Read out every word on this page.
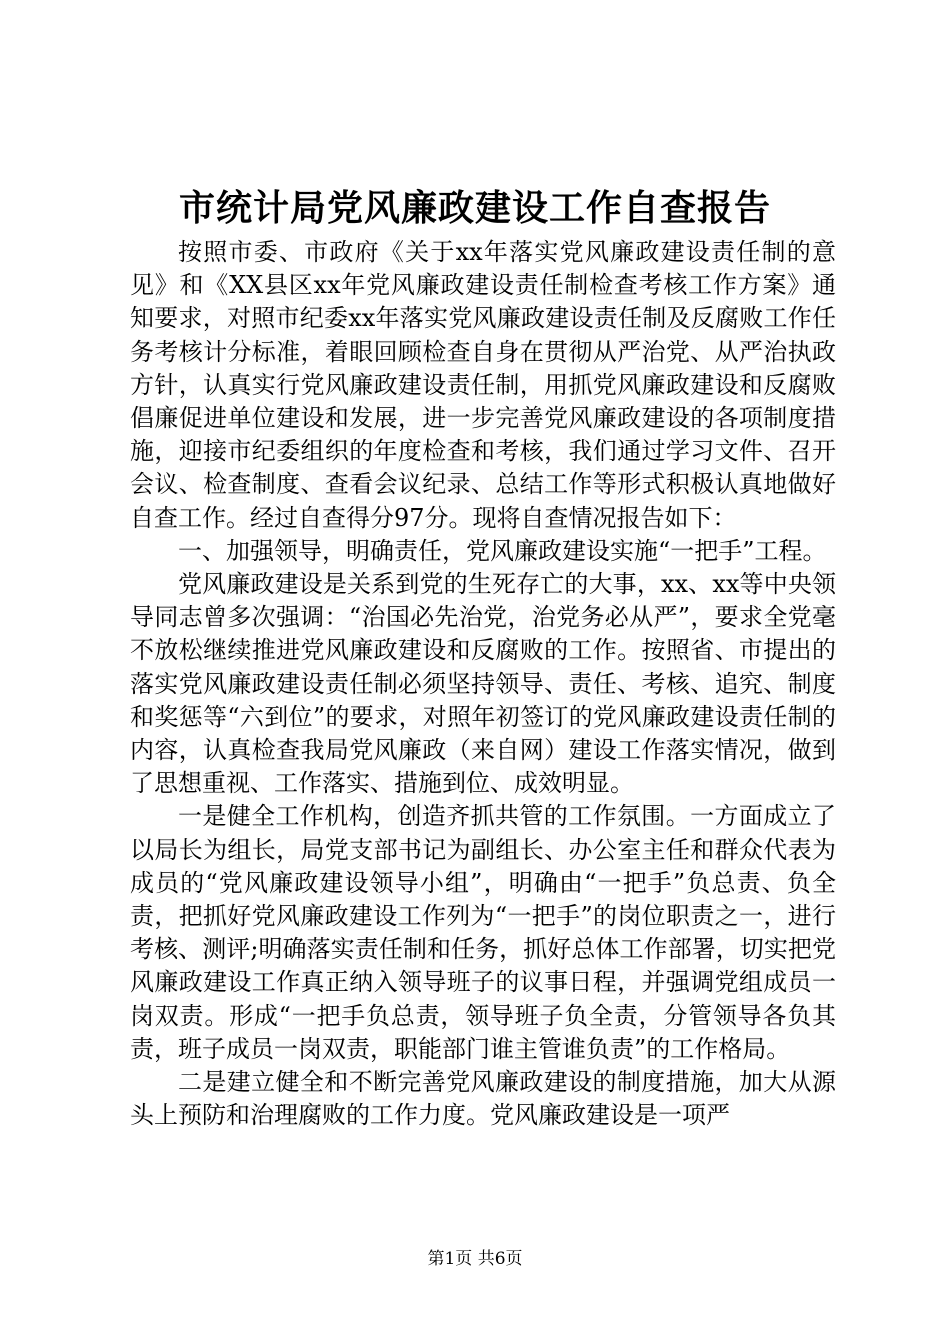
市统计局党风廉政建设工作自查报告

按照市委、市政府《关于xx年落实党风廉政建设责任制的意见》和《XX县区xx年党风廉政建设责任制检查考核工作方案》通知要求，对照市纪委xx年落实党风廉政建设责任制及反腐败工作任务考核计分标准，着眼回顾检查自身在贯彻从严治党、从严治执政方针，认真实行党风廉政建设责任制，用抓党风廉政建设和反腐败倡廉促进单位建设和发展，进一步完善党风廉政建设的各项制度措施，迎接市纪委组织的年度检查和考核，我们通过学习文件、召开会议、检查制度、查看会议纪录、总结工作等形式积极认真地做好自查工作。经过自查得分97分。现将自查情况报告如下：

一、加强领导，明确责任，党风廉政建设实施“一把手”工程。

党风廉政建设是关系到党的生死存亡的大事，xx、xx等中央领导同志曾多次强调：“治国必先治党，治党务必从严”，要求全党毫不放松继续推进党风廉政建设和反腐败的工作。按照省、市提出的落实党风廉政建设责任制必须坚持领导、责任、考核、追究、制度和奖惩等“六到位”的要求，对照年初签订的党风廉政建设责任制的内容，认真检查我局党风廉政（来自网）建设工作落实情况，做到了思想重视、工作落实、措施到位、成效明显。

一是健全工作机构，创造齐抓共管的工作氛围。一方面成立了以局长为组长，局党支部书记为副组长、办公室主任和群众代表为成员的“党风廉政建设领导小组”，明确由“一把手”负总责、负全责，把抓好党风廉政建设工作列为“一把手”的岗位职责之一，进行考核、测评;明确落实责任制和任务，抓好总体工作部署，切实把党风廉政建设工作真正纳入领导班子的议事日程，并强调党组成员一岗双责。形成“一把手负总责，领导班子负全责，分管领导各负其责，班子成员一岗双责，职能部门谁主管谁负责”的工作格局。

二是建立健全和不断完善党风廉政建设的制度措施，加大从源头上预防和治理腐败的工作力度。党风廉政建设是一项严

第1页 共6页
